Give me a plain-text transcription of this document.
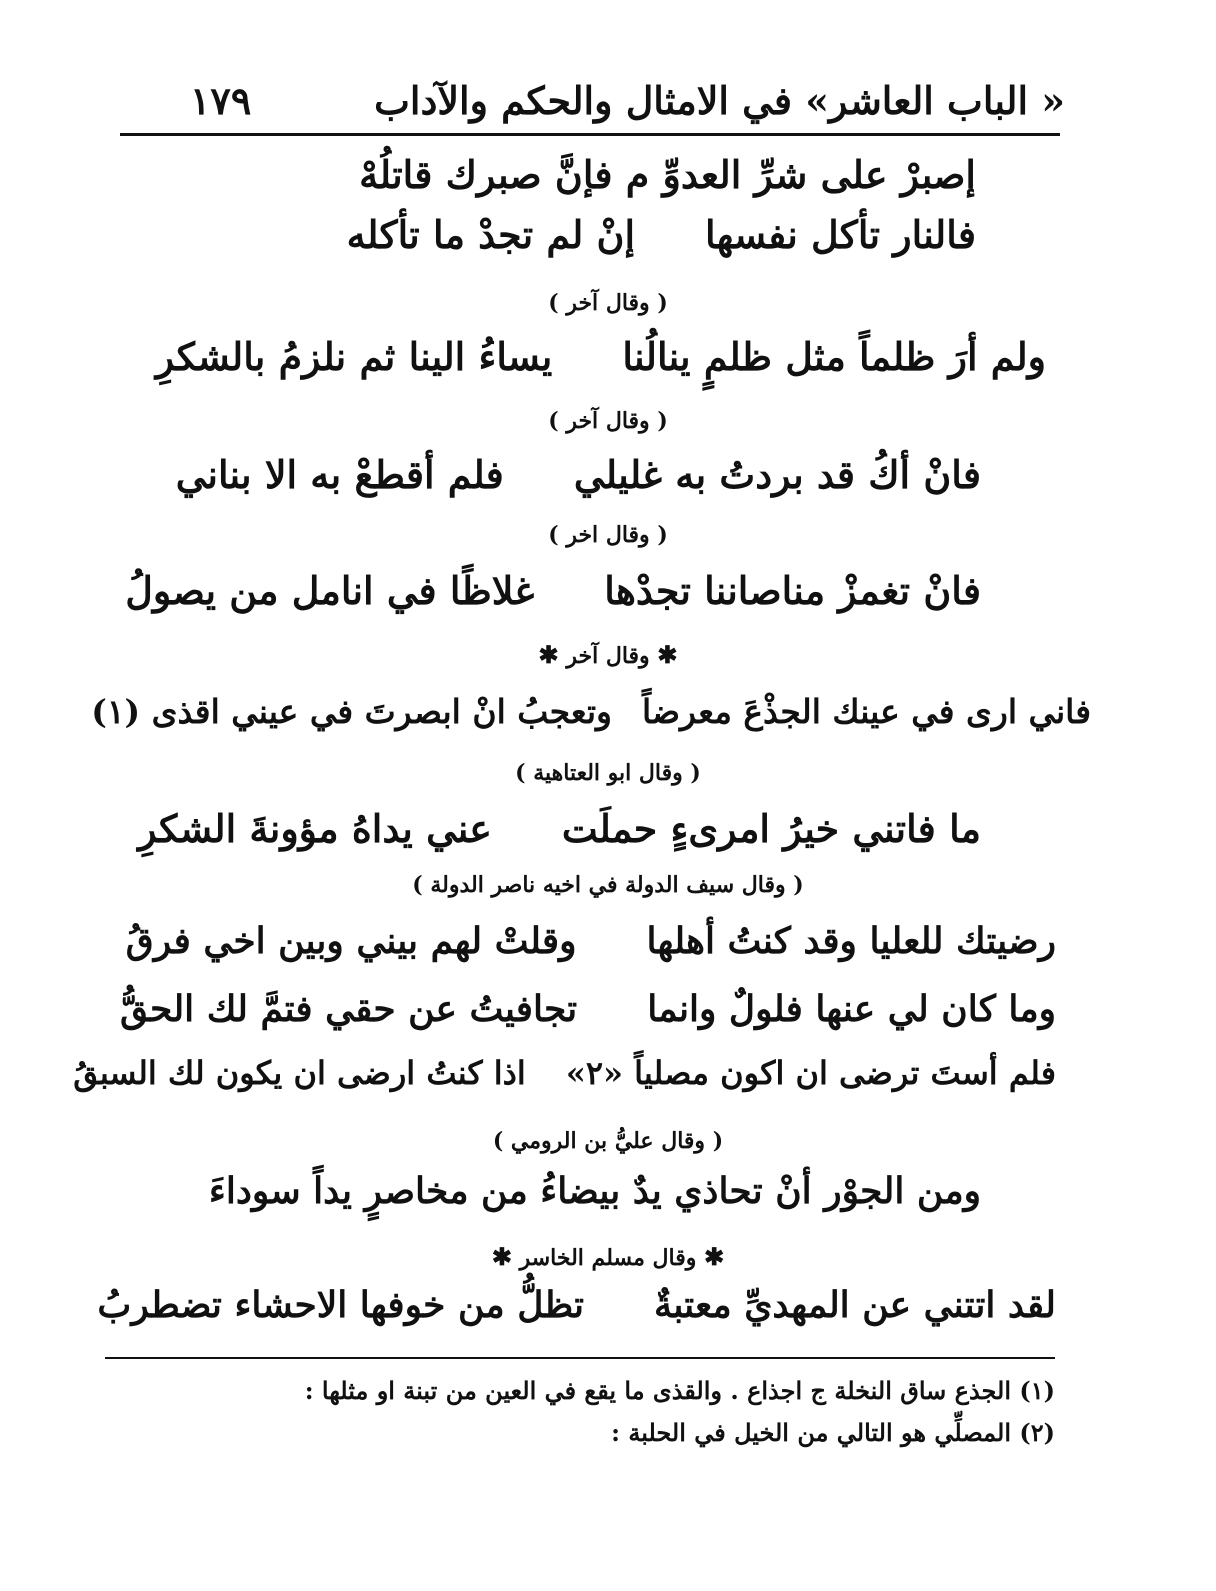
« الباب العاشر» في الامثال والحكم والآداب
١٧٩
إصبرْ على شرِّ العدوِّ م فإنَّ صبرك قاتلُهْ
فالنار تأكل نفسهاإنْ لم تجدْ ما تأكله
( وقال آخر )
ولم أرَ ظلماً مثل ظلمٍ ينالُنايساءُ الينا ثم نلزمُ بالشكرِ
( وقال آخر )
فانْ أكُ قد بردتُ به غليليفلم أقطعْ به الا بناني
( وقال اخر )
فانْ تغمزْ مناصاننا تجدْهاغلاظًا في انامل من يصولُ
✱ وقال آخر ✱
فاني ارى في عينك الجذْعَ معرضاًوتعجبُ انْ ابصرتَ في عيني اقذى (١)
( وقال ابو العتاهية )
ما فاتني خيرُ امرىءٍ حملَتعني يداهُ مؤونةَ الشكرِ
( وقال سيف الدولة في اخيه ناصر الدولة )
رضيتك للعليا وقد كنتُ أهلهاوقلتْ لهم بيني وبين اخي فرقُ
وما كان لي عنها فلولٌ وانماتجافيتُ عن حقي فتمَّ لك الحقُّ
فلم أستَ ترضى ان اكون مصلياً «٢»اذا كنتُ ارضى ان يكون لك السبقُ
( وقال عليُّ بن الرومي )
ومن الجوْر أنْ تحاذي يدٌ بيضاءُ من مخاصرٍ يداً سوداءَ
✱ وقال مسلم الخاسر ✱
لقد اتتني عن المهديِّ معتبةٌتظلُّ من خوفها الاحشاء تضطربُ
(١) الجذع ساق النخلة ج اجذاع . والقذى ما يقع في العين من تبنة او مثلها :
(٢) المصلِّي هو التالي من الخيل في الحلبة :
